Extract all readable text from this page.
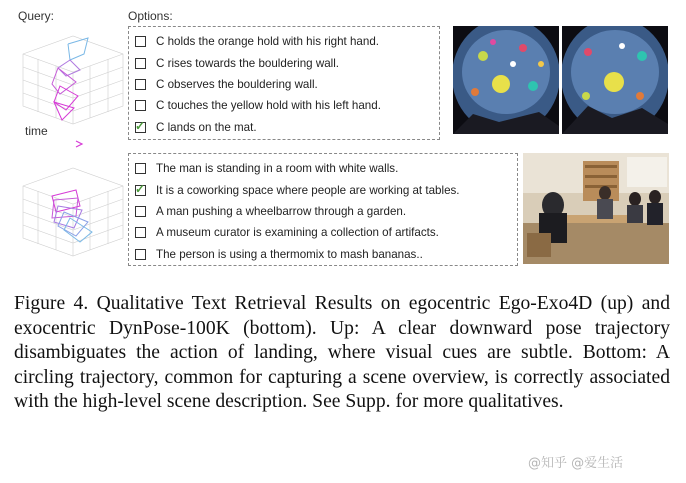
Query:	Options:
time
C holds the orange hold with his right hand.
C rises towards the bouldering wall.
C observes the bouldering wall.
C touches the yellow hold with his left hand.
✓ C lands on the mat.
The man is standing in a room with white walls.
✓ It is a coworking space where people are working at tables.
A man pushing a wheelbarrow through a garden.
A museum curator is examining a collection of artifacts.
The person is using a thermomix to mash bananas..
Figure 4. Qualitative Text Retrieval Results on egocentric Ego-Exo4D (up) and exocentric DynPose-100K (bottom). Up: A clear downward pose trajectory disambiguates the action of landing, where visual cues are subtle. Bottom: A circling trajectory, common for capturing a scene overview, is correctly associated with the high-level scene description. See Supp. for more qualitatives.
@知乎 @爱生活
